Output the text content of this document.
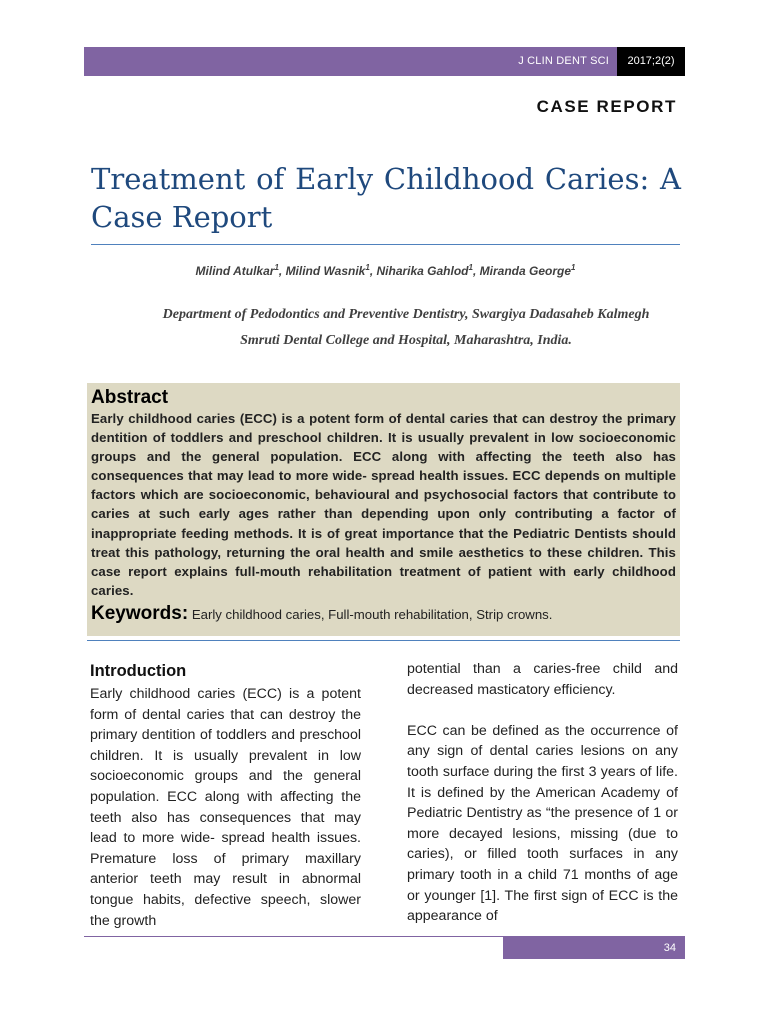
J CLIN DENT SCI	2017;2(2)
CASE REPORT
Treatment of Early Childhood Caries: A Case Report
Milind Atulkar$^1$, Milind Wasnik$^1$, Niharika Gahlod$^1$, Miranda George$^1$
Department of Pedodontics and Preventive Dentistry, Swargiya Dadasaheb Kalmegh
Smruti Dental College and Hospital, Maharashtra, India.
Abstract
Early childhood caries (ECC) is a potent form of dental caries that can destroy the primary dentition of toddlers and preschool children. It is usually prevalent in low socioeconomic groups and the general population. ECC along with affecting the teeth also has consequences that may lead to more wide- spread health issues. ECC depends on multiple factors which are socioeconomic, behavioural and psychosocial factors that contribute to caries at such early ages rather than depending upon only contributing a factor of inappropriate feeding methods. It is of great importance that the Pediatric Dentists should treat this pathology, returning the oral health and smile aesthetics to these children. This case report explains full-mouth rehabilitation treatment of patient with early childhood caries.
Keywords: Early childhood caries, Full-mouth rehabilitation, Strip crowns.
Introduction

Early childhood caries (ECC) is a potent form of dental caries that can destroy the primary dentition of toddlers and preschool children. It is usually prevalent in low socioeconomic groups and the general population. ECC along with affecting the teeth also has consequences that may lead to more wide- spread health issues. Premature loss of primary maxillary anterior teeth may result in abnormal tongue habits, defective speech, slower the growth

potential than a caries-free child and decreased masticatory efficiency.

ECC can be defined as the occurrence of any sign of dental caries lesions on any tooth surface during the first 3 years of life. It is defined by the American Academy of Pediatric Dentistry as “the presence of 1 or more decayed lesions, missing (due to caries), or filled tooth surfaces in any primary tooth in a child 71 months of age or younger [1]. The first sign of ECC is the appearance of

34
